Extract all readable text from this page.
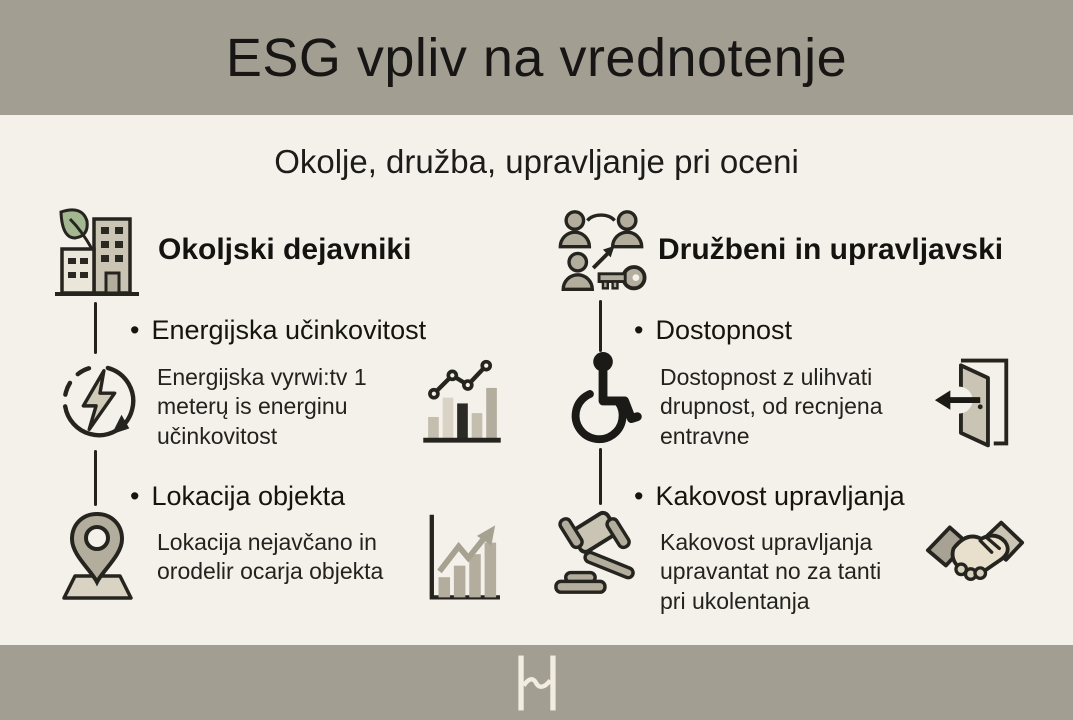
ESG vpliv na vrednotenje
Okolje, družba, upravljanje pri oceni
Okoljski dejavniki
• Energijska učinkovitost
Energijska vyrwi:tv 1 meterų is energinu učinkovitost
• Lokacija objekta
Lokacija nejavčano in orodelir ocarja objekta
Družbeni in upravljavski
• Dostopnost
Dostopnost z ulihvati drupnost, od recnjena entravne
• Kakovost upravljanja
Kakovost upravljanja upravantat no za tanti pri ukolentanja
